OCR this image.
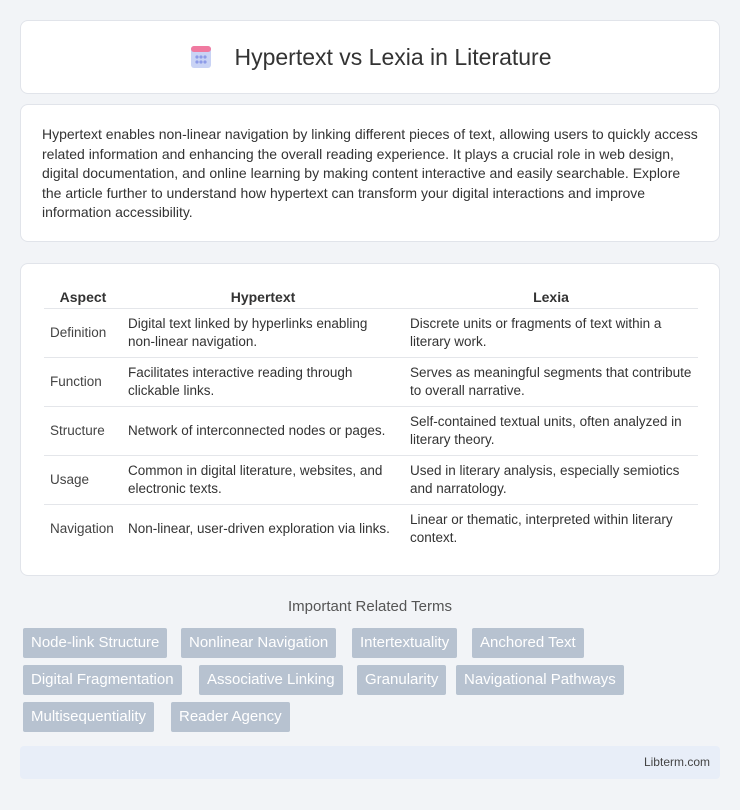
Hypertext vs Lexia in Literature

Hypertext enables non-linear navigation by linking different pieces of text, allowing users to quickly access related information and enhancing the overall reading experience. It plays a crucial role in web design, digital documentation, and online learning by making content interactive and easily searchable. Explore the article further to understand how hypertext can transform your digital interactions and improve information accessibility.

Aspect	Hypertext	Lexia
Definition	Digital text linked by hyperlinks enabling non-linear navigation.	Discrete units or fragments of text within a literary work.
Function	Facilitates interactive reading through clickable links.	Serves as meaningful segments that contribute to overall narrative.
Structure	Network of interconnected nodes or pages.	Self-contained textual units, often analyzed in literary theory.
Usage	Common in digital literature, websites, and electronic texts.	Used in literary analysis, especially semiotics and narratology.
Navigation	Non-linear, user-driven exploration via links.	Linear or thematic, interpreted within literary context.
Important Related Terms
Node-link Structure	Nonlinear Navigation	Intertextuality	Anchored Text
Digital Fragmentation	Associative Linking	Granularity	Navigational Pathways
Multisequentiality	Reader Agency
Libterm.com
